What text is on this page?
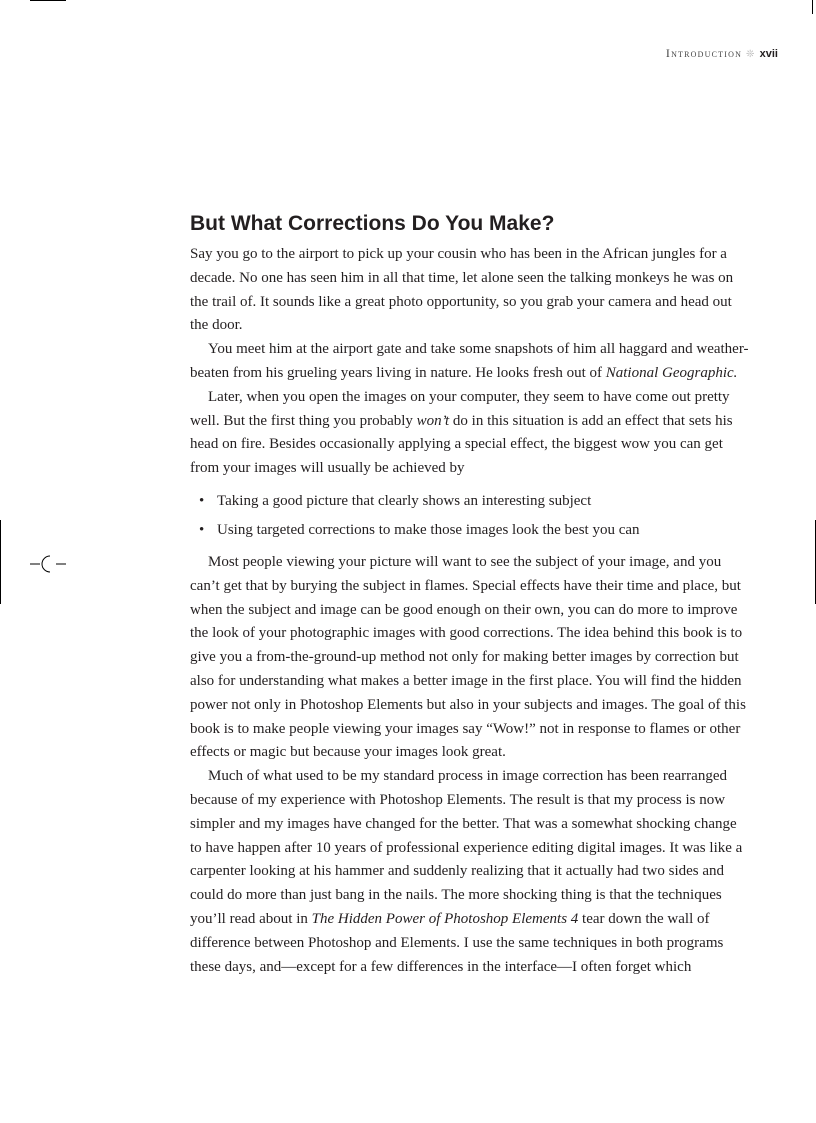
Introduction ❊ xvii
But What Corrections Do You Make?

Say you go to the airport to pick up your cousin who has been in the African jungles for a decade. No one has seen him in all that time, let alone seen the talking monkeys he was on the trail of. It sounds like a great photo opportunity, so you grab your camera and head out the door.

You meet him at the airport gate and take some snapshots of him all haggard and weather-beaten from his grueling years living in nature. He looks fresh out of National Geographic.

Later, when you open the images on your computer, they seem to have come out pretty well. But the first thing you probably won’t do in this situation is add an effect that sets his head on fire. Besides occasionally applying a special effect, the biggest wow you can get from your images will usually be achieved by

• Taking a good picture that clearly shows an interesting subject
• Using targeted corrections to make those images look the best you can

Most people viewing your picture will want to see the subject of your image, and you can’t get that by burying the subject in flames. Special effects have their time and place, but when the subject and image can be good enough on their own, you can do more to improve the look of your photographic images with good corrections. The idea behind this book is to give you a from-the-ground-up method not only for making better images by correction but also for understanding what makes a better image in the first place. You will find the hidden power not only in Photoshop Elements but also in your subjects and images. The goal of this book is to make people viewing your images say “Wow!” not in response to flames or other effects or magic but because your images look great.

Much of what used to be my standard process in image correction has been rearranged because of my experience with Photoshop Elements. The result is that my process is now simpler and my images have changed for the better. That was a somewhat shocking change to have happen after 10 years of professional experience editing digital images. It was like a carpenter looking at his hammer and suddenly realizing that it actually had two sides and could do more than just bang in the nails. The more shocking thing is that the techniques you’ll read about in The Hidden Power of Photoshop Elements 4 tear down the wall of difference between Photoshop and Elements. I use the same techniques in both programs these days, and—except for a few differences in the interface—I often forget which
